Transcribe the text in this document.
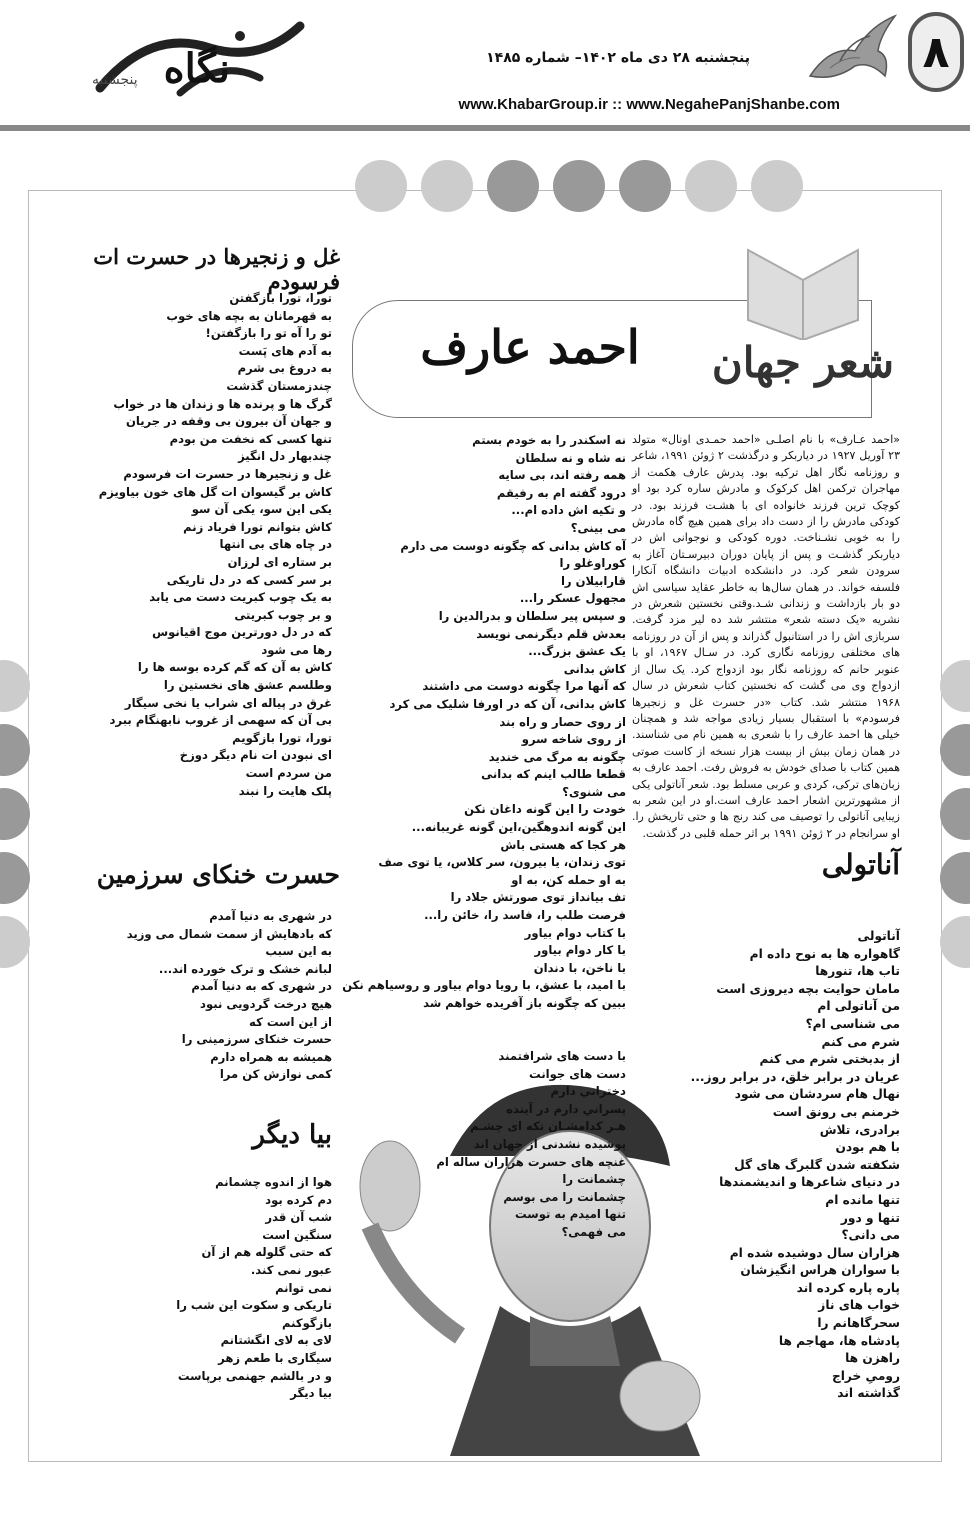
۸
پنجشنبه ۲۸ دی ماه ۱۴۰۲– شماره ۱۴۸۵
www.KhabarGroup.ir :: www.NegahePanjShanbe.com
نگاه
پنجشنبه
شعر جهان
احمد عارف
«احمد عـارف» با نام اصلـی «احمد حمـدی اونال» متولد ۲۳ آوریل ۱۹۲۷ در دیاربکر و درگذشت ۲ ژوئن ۱۹۹۱، شاعر و روزنامه نگار اهل ترکیه بود. پدرش عارف هکمت از مهاجران ترکمن اهل کرکوک و مادرش ساره کرد بود او کوچک ترین فرزند خانواده ای با هشـت فرزند بود. در کودکی مادرش را از دست داد برای همین هیچ گاه مادرش را به خوبی نشـناخت. دوره کودکی و نوجوانی اش در دیاربکر گذشـت و پس از پایان دوران دبیرسـتان آغاز به سرودن شعر کرد. در دانشکده ادبیات دانشگاه آنکارا فلسفه خواند. در همان سال‌ها به خاطر عقاید سیاسی اش دو بار بازداشت و زندانی شـد.وقتی نخستین شعرش در نشریه «یک دسته شعر» منتشر شد ده لیر مزد گرفت. سربازی اش را در استانبول گذراند و پس از آن در روزنامه های مختلفی روزنامه نگاری کرد. در سـال ۱۹۶۷، او با عنوبر حانم که روزنامه نگار بود ازدواج کرد. یک سال از ازدواج وی می گشت که نخستین کتاب شعرش در سال ۱۹۶۸ منتشر شد. کتاب «در حسرت غل و زنجیرها فرسودم» با استقبال بسیار زیادی مواجه شد و همچنان خیلی ها احمد عارف را با شعری به همین نام می شناسند. در همان زمان بیش از بیست هزار نسخه از کاست صوتی همین کتاب با صدای خودش به فروش رفت. احمد عارف به زبان‌های ترکی، کردی و عربی مسلط بود. شعر آناتولی یکی از مشهورترین اشعار احمد عارف است.او در این شعر به زیبایی آناتولی را توصیف می کند رنج ها و حتی تاریخش را. او سرانجام در ۲ ژوئن ۱۹۹۱ بر اثر حمله قلبی در گذشت.
غل و زنجیرها در حسرت ات فرسودم
حسرت خنکای سرزمین
بیا دیگر
آناتولی
تورا، تورا بازگفتن
به قهرمانان به بچه های خوب
تو را آه تو را بازگفتن!
به آدم های پَست
به دروغ بی شرم
چندزمستان گذشت
گرگ ها و پرنده ها و زندان ها در خواب
و جهان آن بیرون بی وقفه در جریان
تنها کسی که نخفت من بودم
چندبهار دل انگیز
غل و زنجیرها در حسرت ات فرسودم
کاش بر گیسوان ات گل های خون بیاویزم
یکی این سو، یکی آن سو
کاش بتوانم تورا فریاد زنم
در چاه های بی انتها
بر ستاره ای لرزان
بر سر کسی که در دل تاریکی
به یک چوب کبریت دست می یابد
و بر چوب کبریتی
که در دل دورترین موج اقیانوس
رها می شود
کاش به آن که گم کرده بوسه ها را
وطلسم عشق های نخستین را
غرق در پیاله ای شراب یا نخی سیگار
بی آن که سهمی از غروب نابهنگام ببرد
تورا، تورا بازگویم
ای نبودن ات نام دیگر دوزخ
من سردم است
پلک هایت را نبند
نه اسکندر را به خودم بستم
نه شاه و نه سلطان
همه رفته اند، بی سایه
درود گفته ام به رفیقم
و تکیه اش داده ام...
می بینی؟
آه کاش بدانی که چگونه دوست می دارم
کوراوغلو را
قارابیلان را
مجهول عسکر را...
و سپس پیر سلطان و بدرالدین را
بعدش قلم دیگرنمی نویسد
یک عشق بزرگ...
کاش بدانی
که آنها مرا چگونه دوست می داشتند
کاش بدانی، آن که در اورفا شلیک می کرد
از روی حصار و راه بند
از روی شاخه سرو
چگونه به مرگ می خندید
قطعا طالب اینم که بدانی
می شنوی؟
خودت را این گونه داغان نکن
این گونه اندوهگین،این گونه غریبانه...
هر کجا که هستی باش
توی زندان، یا بیرون، سر کلاس، یا توی صف
به او حمله کن، به او
تف بیانداز توی صورتش جلاد را
فرصت طلب را، فاسد را، خائن را...
با کتاب دوام بیاور
با کار دوام بیاور
با ناخن، با دندان
با امید، با عشق، با رویا دوام بیاور و روسیاهم نکن
ببین که چگونه باز آفریده خواهم شد
با دست های شرافتمند
دست های جوانت
دختراني دارم
پسراني دارم در آینده
هـر کدامشـان تکه ای چشـم
پوشیده نشدنی از جهان اند
غنچه های حسرت هزاران ساله ام
چشمانت را
چشمانت را می بوسم
تنها امیدم به توست
می فهمی؟
در شهری به دنیا آمدم
که بادهایش از سمت شمال می وزید
به این سبب
لبانم خشک و ترک خورده اند...
در شهری که به دنیا آمدم
هیچ درخت گردویی نبود
از این است که
حسرت خنکای سرزمینی را
همیشه به همراه دارم
کمی نوازش کن مرا
هوا از اندوه چشمانم
دم کرده بود
شب آن قدر
سنگین است
که حتی گلوله هم از آن
عبور نمی کند.
نمی توانم
تاریکی و سکوت این شب را
بازگوکنم
لای به لای انگشتانم
سیگاری با طعم زهر
و در بالشم جهنمی برپاست
بیا دیگر
آناتولی
گاهواره ها به نوح داده ام
تاب ها، تنورها
مامان حوایت بچه دیروزی است
من آناتولی ام
می شناسی ام؟
شرم می کنم
از بدبختی شرم می کنم
عریان در برابر خلق، در برابر روز...
نهال هام سردشان می شود
خرمنم بی رونق است
برادری، تلاش
با هم بودن
شکفته شدن گلبرگ های گل
در دنیای شاعرها و اندیشمندها
تنها مانده ام
تنها و دور
می دانی؟
هزاران سال دوشیده شده ام
با سواران هراس انگیزشان
پاره پاره کرده اند
خواب های ناز
سحرگاهانم را
پادشاه ها، مهاجم ها
راهزن ها
رومیِ خراج
گذاشته اند
